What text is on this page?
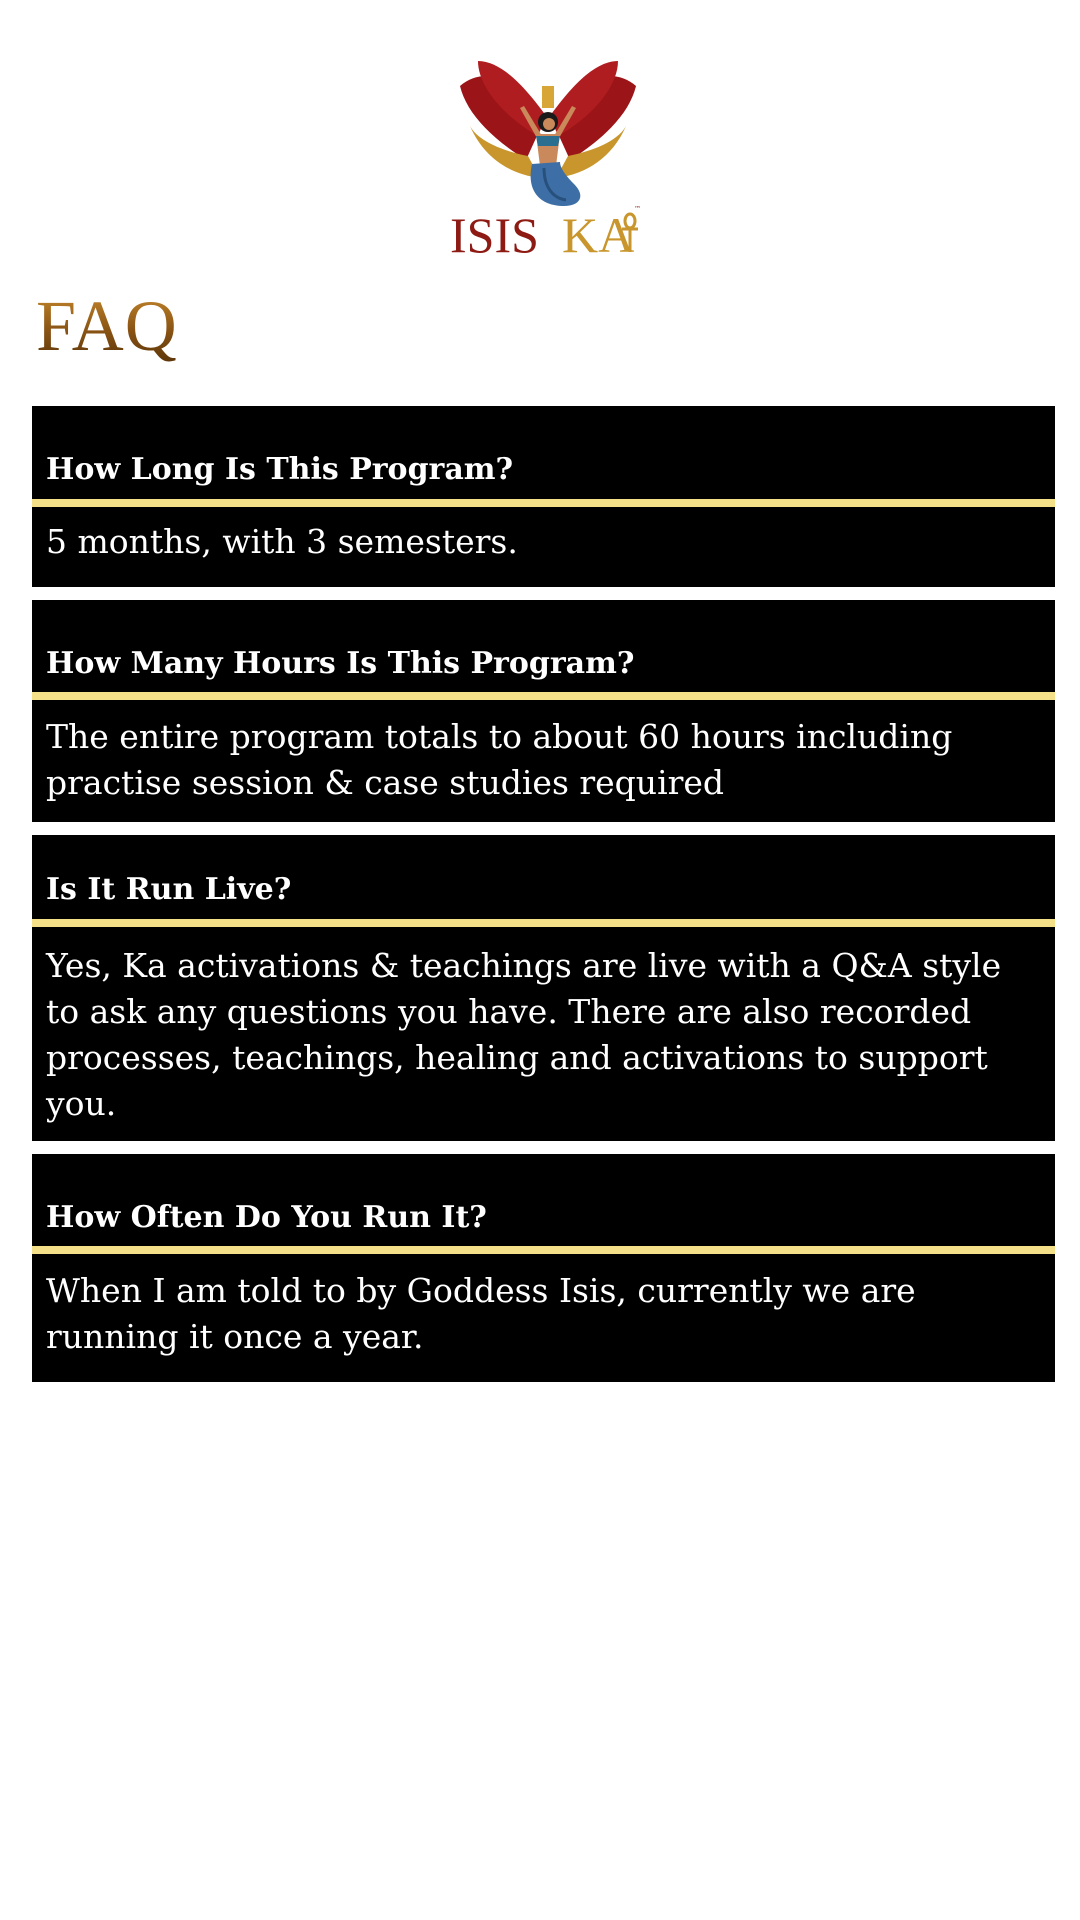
ISIS KA ™
FAQ
How Long Is This Program?
5 months, with 3 semesters.
How Many Hours Is This Program?
The entire program totals to about 60 hours including practise session & case studies required
Is It Run Live?
Yes, Ka activations & teachings are live with a Q&A style to ask any questions you have. There are also recorded processes, teachings, healing and activations to support you.
How Often Do You Run It?
When I am told to by Goddess Isis, currently we are running it once a year.
